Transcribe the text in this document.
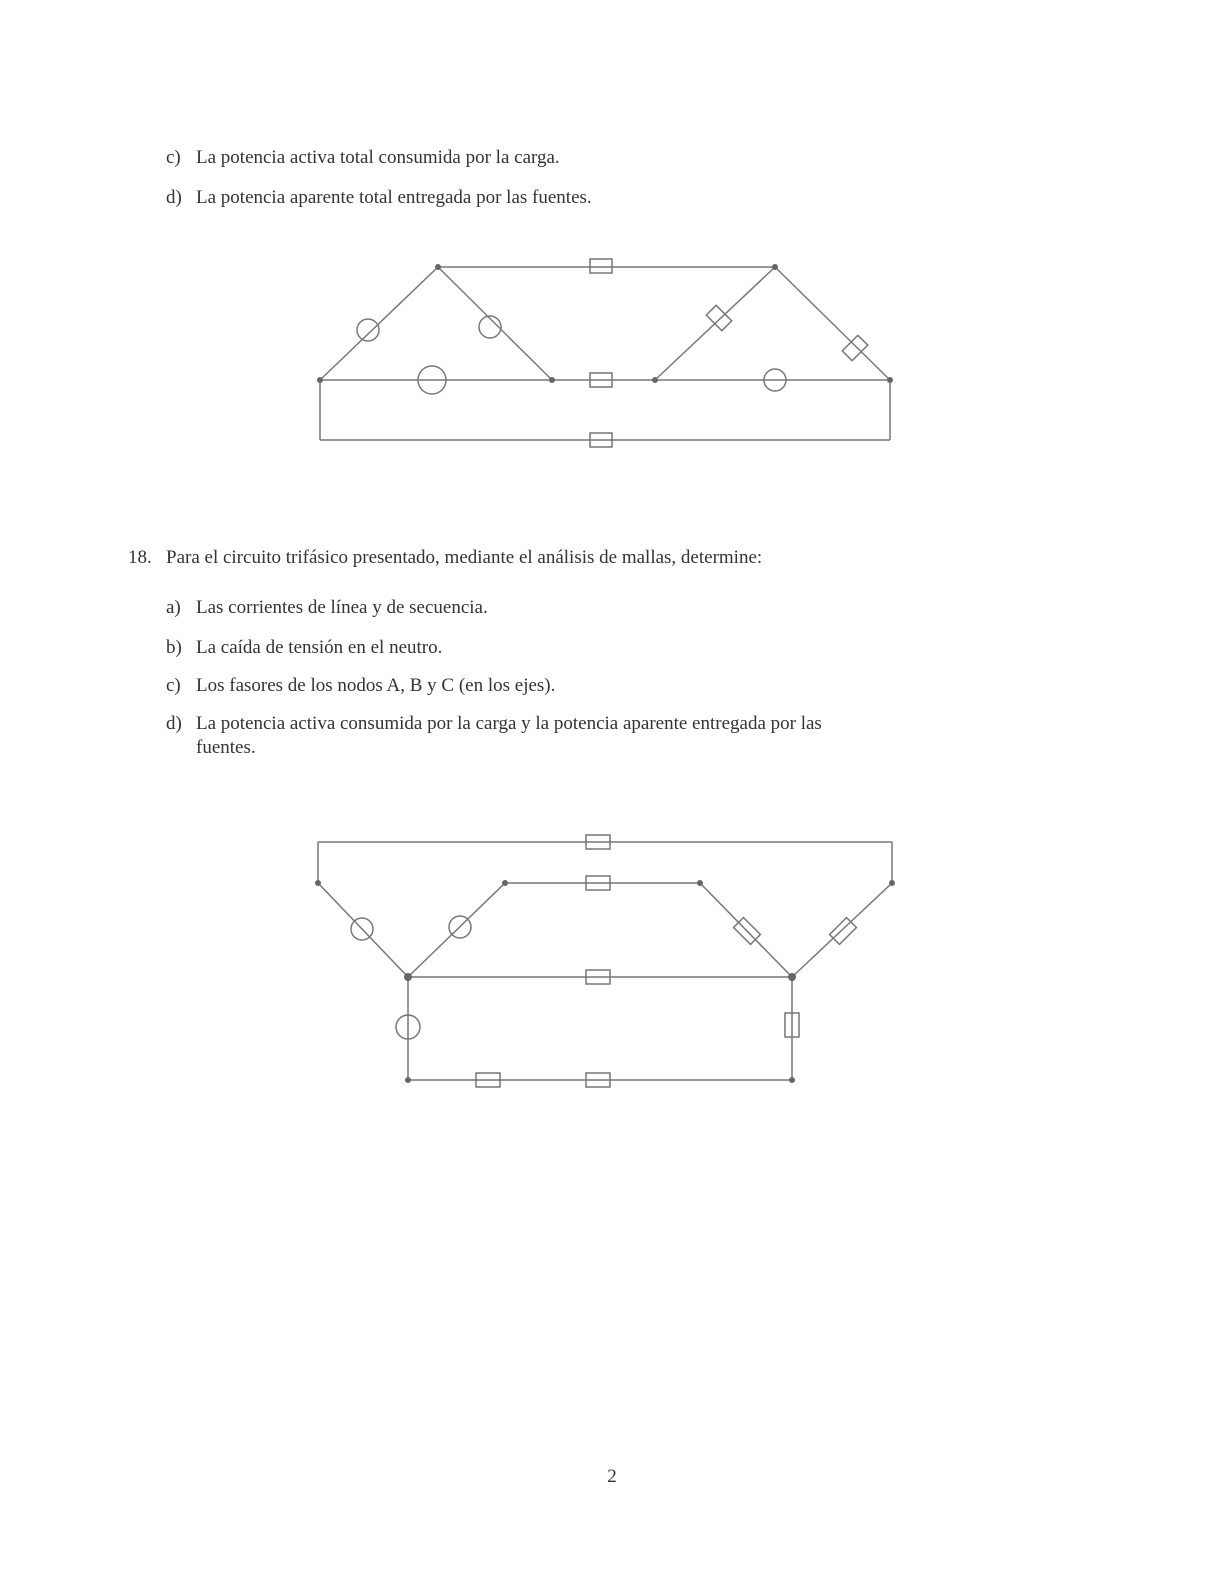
c) La potencia activa total consumida por la carga.
d) La potencia aparente total entregada por las fuentes.
18. Para el circuito trifásico presentado, mediante el análisis de mallas, determine:
a) Las corrientes de línea y de secuencia.
b) La caída de tensión en el neutro.
c) Los fasores de los nodos A, B y C (en los ejes).
d) La potencia activa consumida por la carga y la potencia aparente entregada por las
fuentes.
2
